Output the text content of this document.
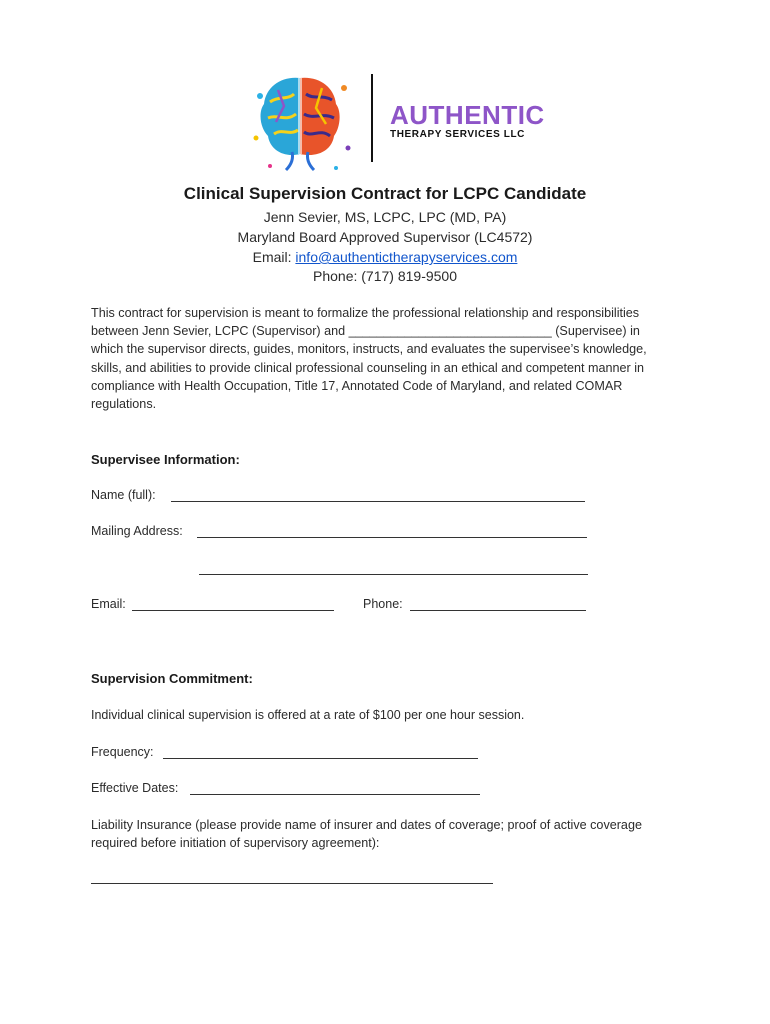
AUTHENTIC
THERAPY SERVICES LLC
Clinical Supervision Contract for LCPC Candidate
Jenn Sevier, MS, LCPC, LPC (MD, PA)
Maryland Board Approved Supervisor (LC4572)
Email: info@authentictherapyservices.com
Phone: (717) 819-9500
This contract for supervision is meant to formalize the professional relationship and responsibilities between Jenn Sevier, LCPC (Supervisor) and _____________________________ (Supervisee) in which the supervisor directs, guides, monitors, instructs, and evaluates the supervisee’s knowledge, skills, and abilities to provide clinical professional counseling in an ethical and competent manner in compliance with Health Occupation, Title 17, Annotated Code of Maryland, and related COMAR regulations.
Supervisee Information:
Name (full):
Mailing Address:
Email:	Phone:
Supervision Commitment:
Individual clinical supervision is offered at a rate of $100 per one hour session.
Frequency:
Effective Dates:
Liability Insurance (please provide name of insurer and dates of coverage; proof of active coverage required before initiation of supervisory agreement):
